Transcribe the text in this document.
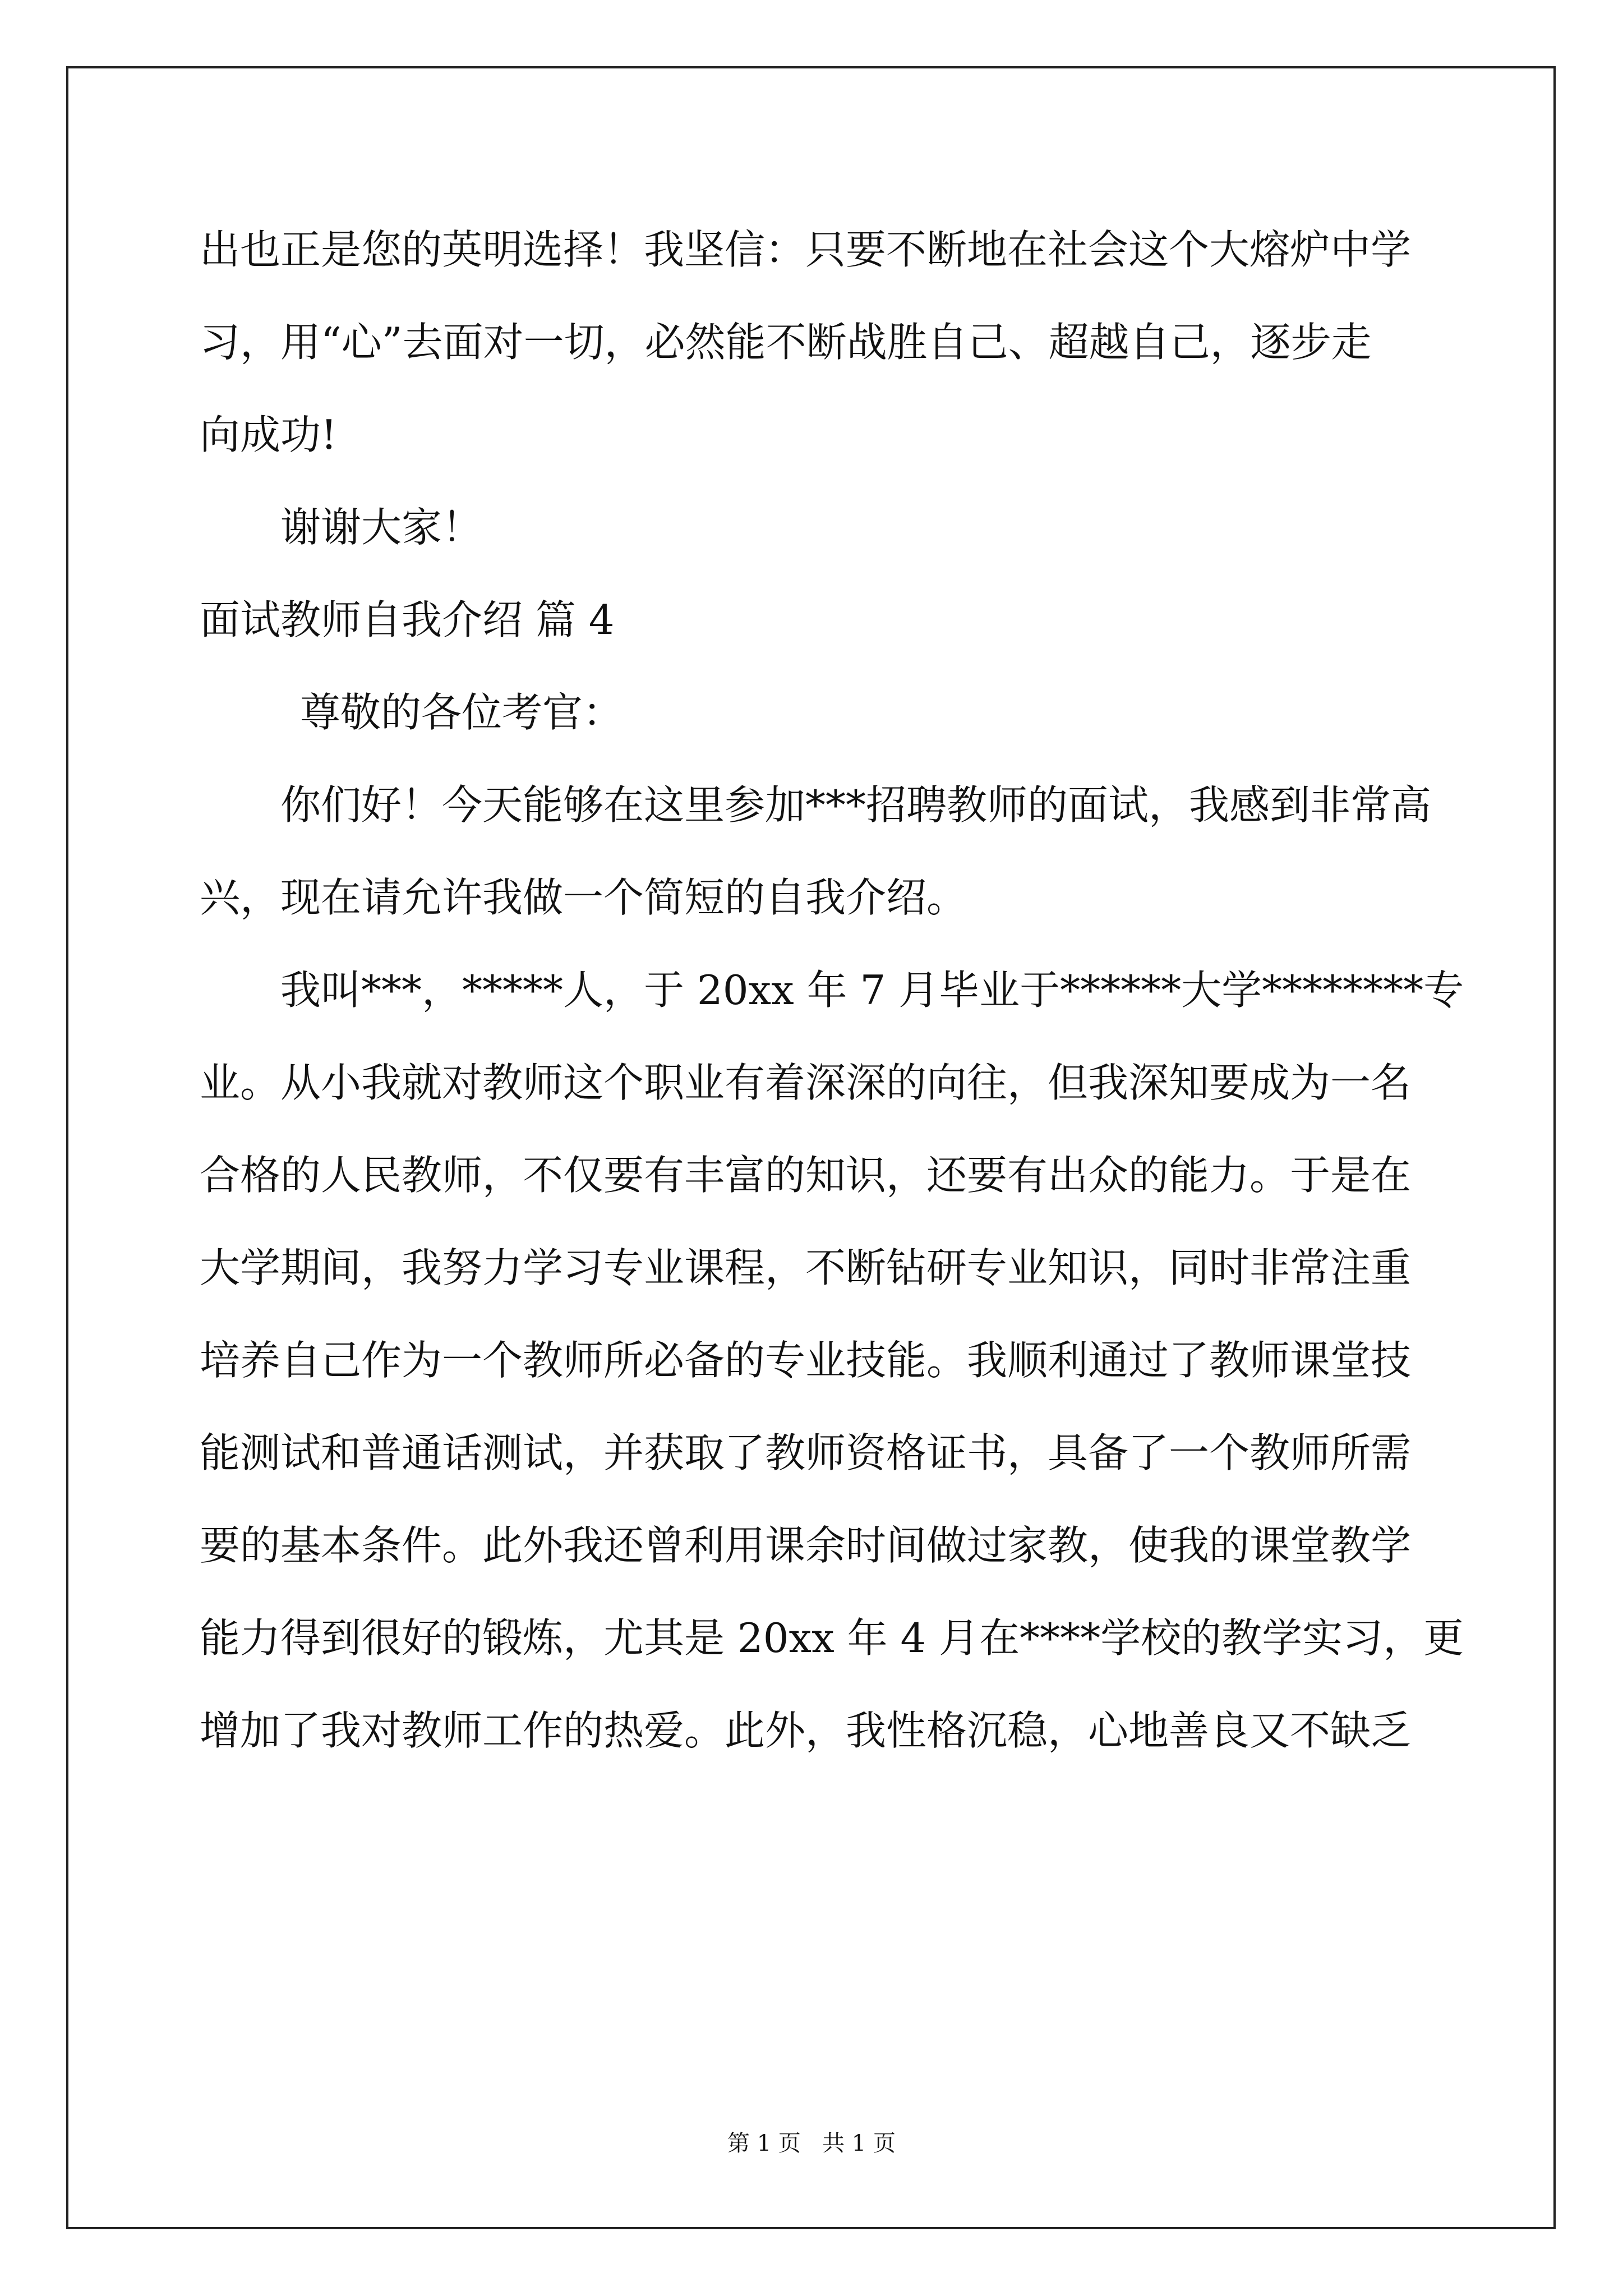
出也正是您的英明选择！我坚信：只要不断地在社会这个大熔炉中学
习，用“心”去面对一切，必然能不断战胜自己、超越自己，逐步走
向成功!
谢谢大家！
面试教师自我介绍 篇 4
尊敬的各位考官：
你们好！今天能够在这里参加***招聘教师的面试，我感到非常高
兴，现在请允许我做一个简短的自我介绍。
我叫***，*****人，于 20xx 年 7 月毕业于******大学********专
业。从小我就对教师这个职业有着深深的向往，但我深知要成为一名
合格的人民教师，不仅要有丰富的知识，还要有出众的能力。于是在
大学期间，我努力学习专业课程，不断钻研专业知识，同时非常注重
培养自己作为一个教师所必备的专业技能。我顺利通过了教师课堂技
能测试和普通话测试，并获取了教师资格证书，具备了一个教师所需
要的基本条件。此外我还曾利用课余时间做过家教，使我的课堂教学
能力得到很好的锻炼，尤其是 20xx 年 4 月在****学校的教学实习，更
增加了我对教师工作的热爱。此外，我性格沉稳，心地善良又不缺乏
第 1 页   共 1 页
